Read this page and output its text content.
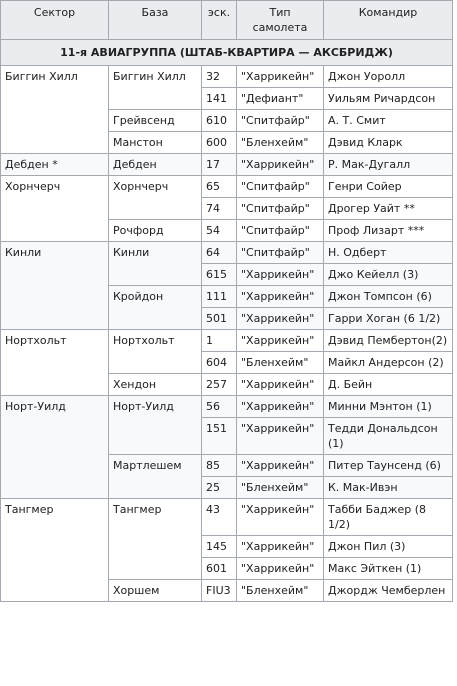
Сектор	База	эск.	Тип самолета	Командир
11-я АВИАГРУППА (ШТАБ-КВАРТИРА — АКСБРИДЖ)				
Биггин Хилл	Биггин Хилл	32	"Харрикейн"	Джон Уоролл
		141	"Дефиант"	Уильям Ричардсон
	Грейвсенд	610	"Спитфайр"	А. Т. Смит
	Манстон	600	"Бленхейм"	Дэвид Кларк
Дебден *	Дебден	17	"Харрикейн"	Р. Мак-Дугалл
Хорнчерч	Хорнчерч	65	"Спитфайр"	Генри Сойер
		74	"Спитфайр"	Дрогер Уайт **
	Рочфорд	54	"Спитфайр"	Проф Лизарт ***
Кинли	Кинли	64	"Спитфайр"	Н. Одберт
		615	"Харрикейн"	Джо Кейелл (3)
	Кройдон	111	"Харрикейн"	Джон Томпсон (6)
		501	"Харрикейн"	Гарри Хоган (6 1/2)
Нортхольт	Нортхольт	1	"Харрикейн"	Дэвид Пембертон(2)
		604	"Бленхейм"	Майкл Андерсон (2)
	Хендон	257	"Харрикейн"	Д. Бейн
Норт-Уилд	Норт-Уилд	56	"Харрикейн"	Минни Мэнтон (1)
		151	"Харрикейн"	Тедди Дональдсон (1)
	Мартлешем	85	"Харрикейн"	Питер Таунсенд (6)
		25	"Бленхейм"	К. Мак-Ивэн
Тангмер	Тангмер	43	"Харрикейн"	Табби Баджер (8 1/2)
		145	"Харрикейн"	Джон Пил (3)
		601	"Харрикейн"	Макс Эйткен (1)
	Хоршем	FIU3	"Бленхейм"	Джордж Чемберлен
